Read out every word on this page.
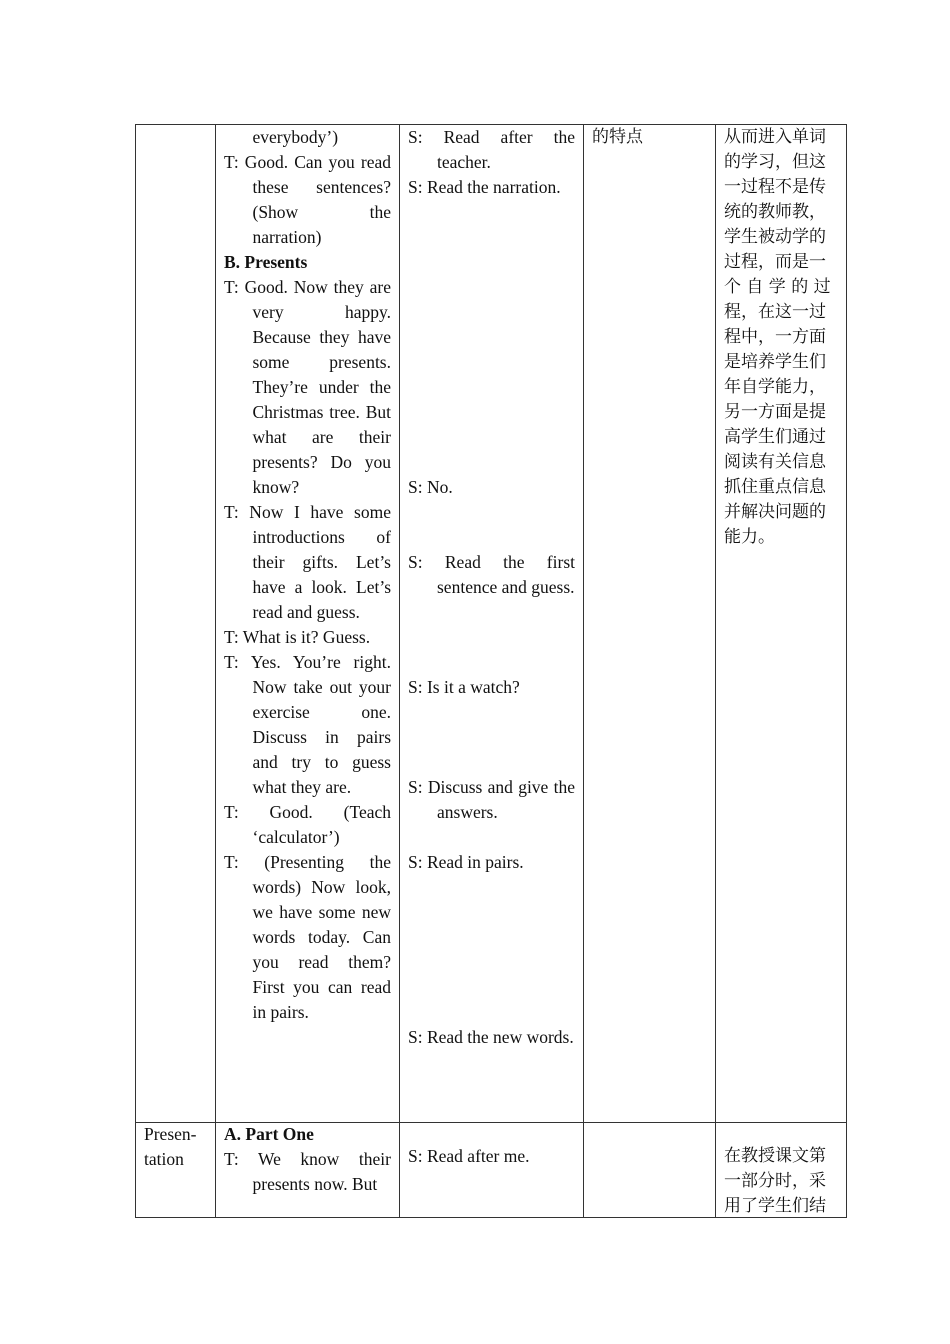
everybody’)

T: Good. Can you read these sentences? (Show the narration)

B. Presents

T: Good. Now they are very happy. Because they have some presents. They’re under the Christmas tree. But what are their presents? Do you know?

T: Now I have some introductions of their gifts. Let’s have a look. Let’s read and guess.

T: What is it? Guess.

T: Yes. You’re right. Now take out your exercise one. Discuss in pairs and try to guess what they are.

T: Good. (Teach ‘calculator’)

T: (Presenting the words) Now look, we have some new words today. Can you read them? First you can read in pairs.

S: Read after the teacher.

S: Read the narration.

S: No.

S: Read the first sentence and guess.

S: Is it a watch?

S: Discuss and give the answers.

S: Read in pairs.

S: Read the new words.

的特点	从而进入单词
的学习，但这
一过程不是传
统的教师教，
学生被动学的
过程，而是一
个 自 学 的 过
程，在这一过
程中，一方面
是培养学生们
年自学能力，
另一方面是提
高学生们通过
阅读有关信息
抓住重点信息
并解决问题的
能力。

Presen-

tation

A. Part One

T: We know their presents now. But

S: Read after me.	在教授课文第
一部分时，采
用了学生们结
